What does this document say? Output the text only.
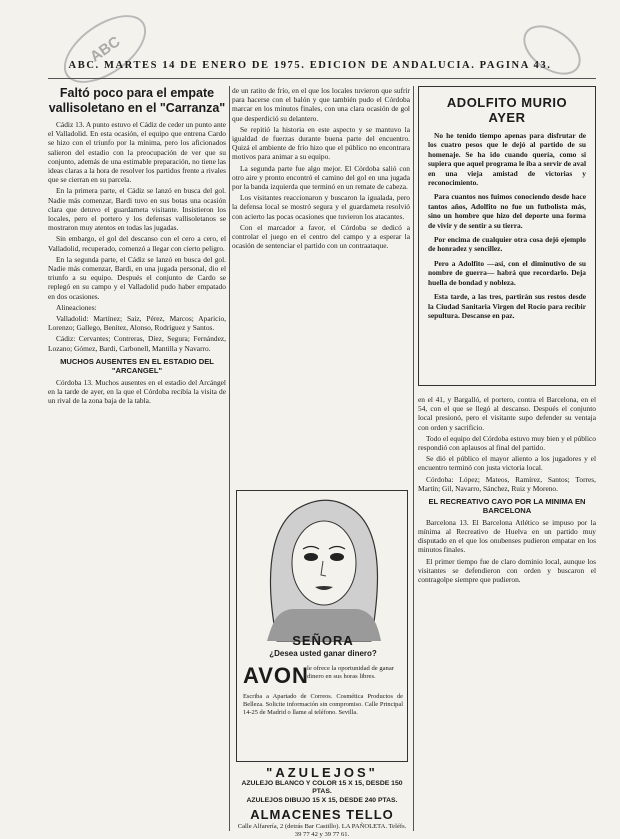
ABC
ABC. MARTES 14 DE ENERO DE 1975. EDICION DE ANDALUCIA. PAGINA 43.
Faltó poco para el empate vallisoletano en el "Carranza"

Cádiz 13. A punto estuvo el Cádiz de ceder un punto ante el Valladolid. En esta ocasión, el equipo que entrena Cardo se hizo con el triunfo por la mínima, pero los aficionados salieron del estadio con la preocupación de ver que su conjunto, además de una estimable preparación, no tiene las ideas claras a la hora de resolver los partidos frente a rivales que se cierran en su parcela.

En la primera parte, el Cádiz se lanzó en busca del gol. Nadie más comenzar, Bardi tuvo en sus botas una ocasión clara que detuvo el guardameta visitante. Insistieron los locales, pero el portero y los defensas vallisoletanos se mostraron muy atentos en todas las jugadas.

Sin embargo, el gol del descanso con el cero a cero, el Valladolid, recuperado, comenzó a llegar con cierto peligro.

En la segunda parte, el Cádiz se lanzó en busca del gol. Nadie más comenzar, Bardi, en una jugada personal, dio el triunfo a su equipo. Después el conjunto de Cardo se replegó en su campo y el Valladolid pudo haber empatado en dos ocasiones.

Alineaciones:

Valladolid: Martínez; Saiz, Pérez, Marcos; Aparicio, Lorenzo; Gallego, Benítez, Alonso, Rodríguez y Santos.

Cádiz: Cervantes; Contreras, Díez, Segura; Fernández, Lozano; Gómez, Bardi, Carbonell, Mantilla y Navarro.

MUCHOS AUSENTES EN EL ESTADIO DEL "ARCANGEL"

Córdoba 13. Muchos ausentes en el estadio del Arcángel en la tarde de ayer, en la que el Córdoba recibía la visita de un rival de la zona baja de la tabla.

de un ratito de frío, en el que los locales tuvieron que sufrir para hacerse con el balón y que también pudo el Córdoba marcar en los minutos finales, con una clara ocasión de gol que desperdició su delantero.

Se repitió la historia en este aspecto y se mantuvo la igualdad de fuerzas durante buena parte del encuentro. Quizá el ambiente de frío hizo que el público no encontrara motivos para animar a su equipo.

La segunda parte fue algo mejor. El Córdoba salió con otro aire y pronto encontró el camino del gol en una jugada por la banda izquierda que terminó en un remate de cabeza.

Los visitantes reaccionaron y buscaron la igualada, pero la defensa local se mostró segura y el guardameta resolvió con acierto las pocas ocasiones que tuvieron los atacantes.

Con el marcador a favor, el Córdoba se dedicó a controlar el juego en el centro del campo y a esperar la ocasión de sentenciar el partido con un contraataque.

ADOLFITO MURIO AYER

No he tenido tiempo apenas para disfrutar de los cuatro pesos que le dejó al partido de su homenaje. Se ha ido cuando quería, como si supiera que aquel programa le iba a servir de aval en una vieja amistad de victorias y reconocimiento.

Para cuantos nos fuimos conociendo desde hace tantos años, Adolfito no fue un futbolista más, sino un hombre que hizo del deporte una forma de vivir y de sentir a su tierra.

Por encima de cualquier otra cosa dejó ejemplo de honradez y sencillez.

Pero a Adolfito —así, con el diminutivo de su nombre de guerra— habrá que recordarlo. Deja huella de bondad y nobleza.

Esta tarde, a las tres, partirán sus restos desde la Ciudad Sanitaria Virgen del Rocío para recibir sepultura. Descanse en paz.

en el 41, y Bargalló, el portero, contra el Barcelona, en el 54, con el que se llegó al descanso. Después el conjunto local presionó, pero el visitante supo defender su ventaja con orden y sacrificio.

Todo el equipo del Córdoba estuvo muy bien y el público respondió con aplausos al final del partido.

Se dió el público el mayor aliento a los jugadores y el encuentro terminó con justa victoria local.

Córdoba: López; Mateos, Ramírez, Santos; Torres, Martín; Gil, Navarro, Sánchez, Ruiz y Moreno.

EL RECREATIVO CAYO POR LA MINIMA EN BARCELONA

Barcelona 13. El Barcelona Atlético se impuso por la mínima al Recreativo de Huelva en un partido muy disputado en el que los onubenses pudieron empatar en los minutos finales.

El primer tiempo fue de claro dominio local, aunque los visitantes se defendieron con orden y buscaron el contragolpe siempre que pudieron.

SEÑORA
¿Desea usted ganar dinero?
AVON
le ofrece la oportunidad de ganar dinero en sus horas libres.
Escriba a Apartado de Correos. Cosmética Productos de Belleza. Solicite información sin compromiso. Calle Principal 14-25 de Madrid o llame al teléfono. Sevilla.
"AZULEJOS"
AZULEJO BLANCO Y COLOR 15 X 15, DESDE 150 PTAS.
AZULEJOS DIBUJO 15 X 15, DESDE 240 PTAS.
ALMACENES TELLO
Calle Alfarería, 2 (detrás Bar Castillo). LA PAÑOLETA. Teléfs. 39 77 42 y 39 77 61.
